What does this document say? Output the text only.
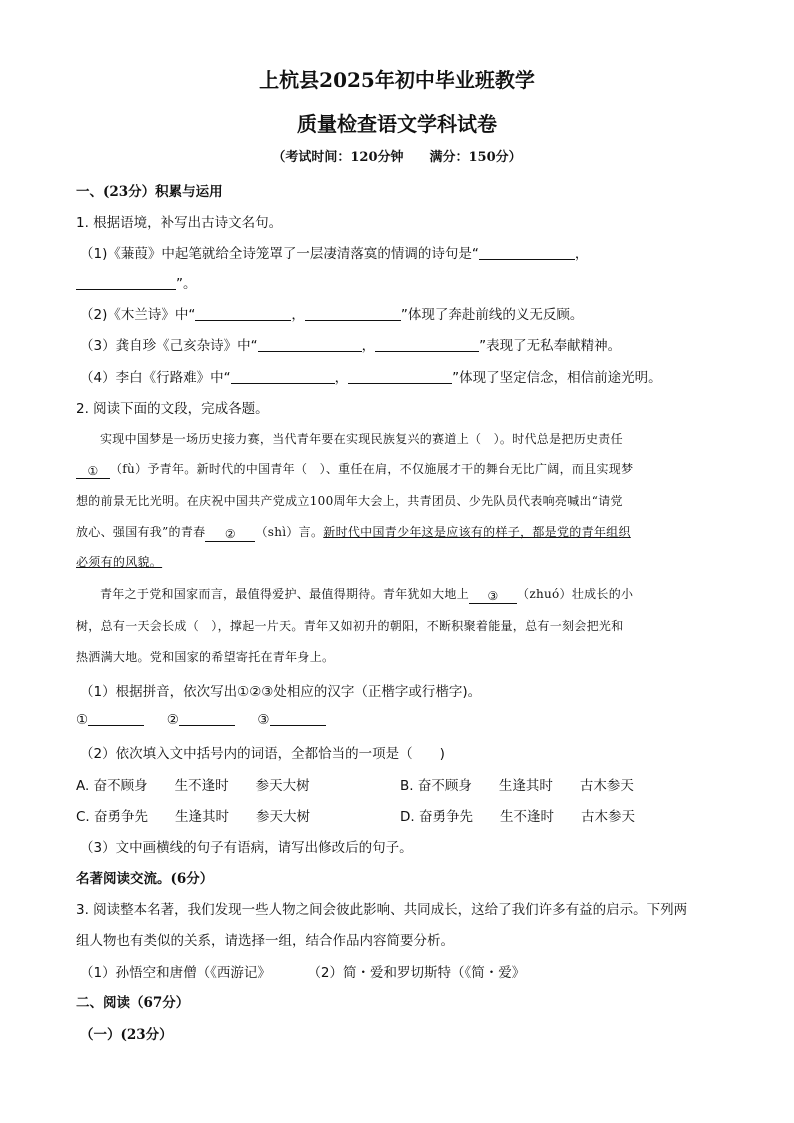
上杭县2025年初中毕业班教学
质量检查语文学科试卷
（考试时间：120分钟　　满分：150分）
一、(23分）积累与运用
1. 根据语境，补写出古诗文名句。
（1)《蒹葭》中起笔就给全诗笼罩了一层凄清落寞的情调的诗句是“	，
”。
（2)《木兰诗》中“	，	”体现了奔赴前线的义无反顾。
（3）龚自珍《己亥杂诗》中“	，	”表现了无私奉献精神。
（4）李白《行路难》中“	，	”体现了坚定信念，相信前途光明。
2. 阅读下面的文段，完成各题。
实现中国梦是一场历史接力赛，当代青年要在实现民族复兴的赛道上（　）。时代总是把历史责任
① （fù）予青年。新时代的中国青年（　）、重任在肩，不仅施展才干的舞台无比广阔，而且实现梦
想的前景无比光明。在庆祝中国共产党成立100周年大会上，共青团员、少先队员代表响亮喊出“请党
放心、强国有我”的青春 ② （shì）言。新时代中国青少年这是应该有的样子，都是党的青年组织
必须有的风貌。
青年之于党和国家而言，最值得爱护、最值得期待。青年犹如大地上 ③ （zhuó）壮成长的小
树，总有一天会长成（　），撑起一片天。青年又如初升的朝阳，不断积聚着能量，总有一刻会把光和
热洒满大地。党和国家的希望寄托在青年身上。
（1）根据拼音，依次写出①②③处相应的汉字（正楷字或行楷字)。
①	②	③
（2）依次填入文中括号内的词语，全都恰当的一项是（　　)
A. 奋不顾身　　生不逢时　　参天大树	B. 奋不顾身　　生逢其时　　古木参天
C. 奋勇争先　　生逢其时　　参天大树	D. 奋勇争先　　生不逢时　　古木参天
（3）文中画横线的句子有语病，请写出修改后的句子。
名著阅读交流。(6分）
3. 阅读整本名著，我们发现一些人物之间会彼此影响、共同成长，这给了我们许多有益的启示。下列两
组人物也有类似的关系，请选择一组，结合作品内容简要分析。
（1）孙悟空和唐僧（《西游记》	（2）简・爱和罗切斯特（《简・爱》
二、阅读（67分）
（一）(23分）
